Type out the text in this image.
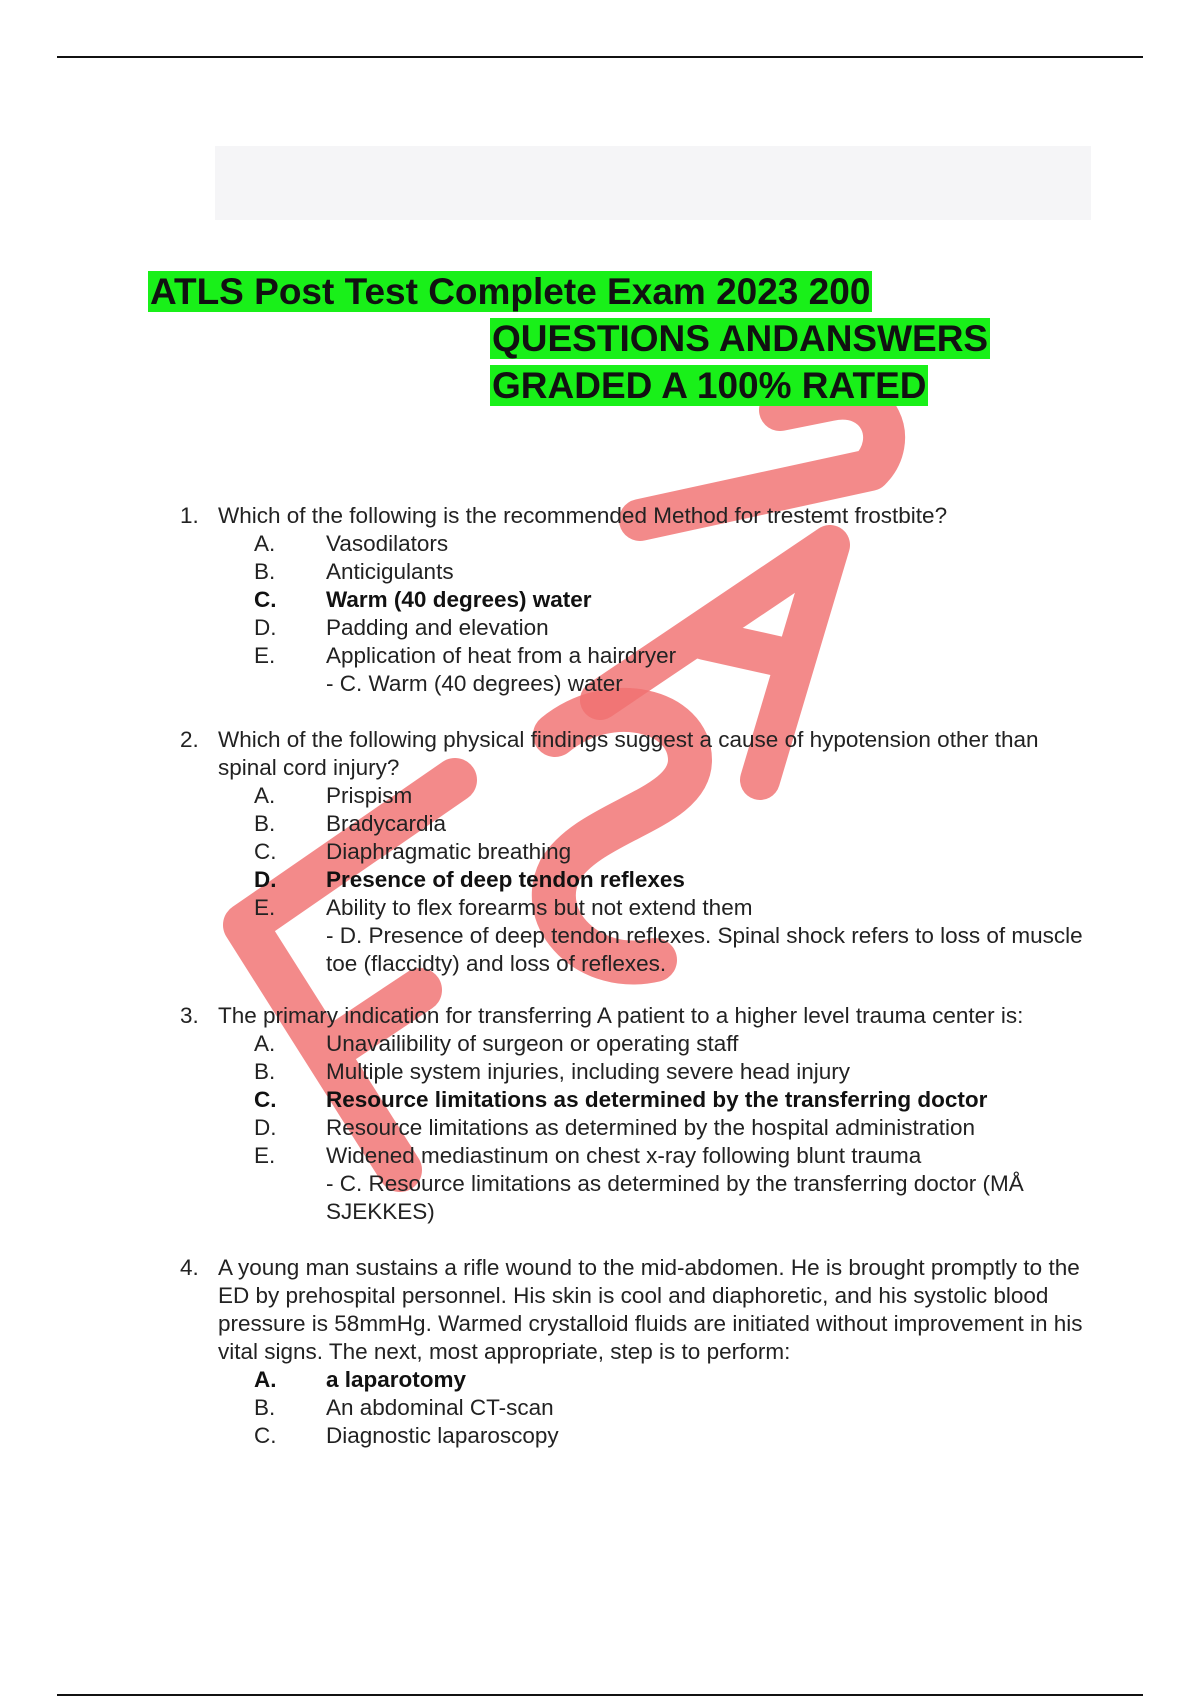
ATLS Post Test Complete Exam 2023 200
QUESTIONS ANDANSWERS
GRADED A 100% RATED
1. Which of the following is the recommended Method for trestemt frostbite?
A. Vasodilators
B. Anticigulants
C. Warm (40 degrees) water
D. Padding and elevation
E. Application of heat from a hairdryer
- C. Warm (40 degrees) water
2. Which of the following physical findings suggest a cause of hypotension other than spinal cord injury?
A. Prispism
B. Bradycardia
C. Diaphragmatic breathing
D. Presence of deep tendon reflexes
E. Ability to flex forearms but not extend them
- D. Presence of deep tendon reflexes. Spinal shock refers to loss of muscle toe (flaccidty) and loss of reflexes.
3. The primary indication for transferring A patient to a higher level trauma center is:
A. Unavailibility of surgeon or operating staff
B. Multiple system injuries, including severe head injury
C. Resource limitations as determined by the transferring doctor
D. Resource limitations as determined by the hospital administration
E. Widened mediastinum on chest x-ray following blunt trauma
- C. Resource limitations as determined by the transferring doctor (MÅ SJEKKES)
4. A young man sustains a rifle wound to the mid-abdomen. He is brought promptly to the ED by prehospital personnel. His skin is cool and diaphoretic, and his systolic blood pressure is 58mmHg. Warmed crystalloid fluids are initiated without improvement in his vital signs. The next, most appropriate, step is to perform:
A. a laparotomy
B. An abdominal CT-scan
C. Diagnostic laparoscopy
